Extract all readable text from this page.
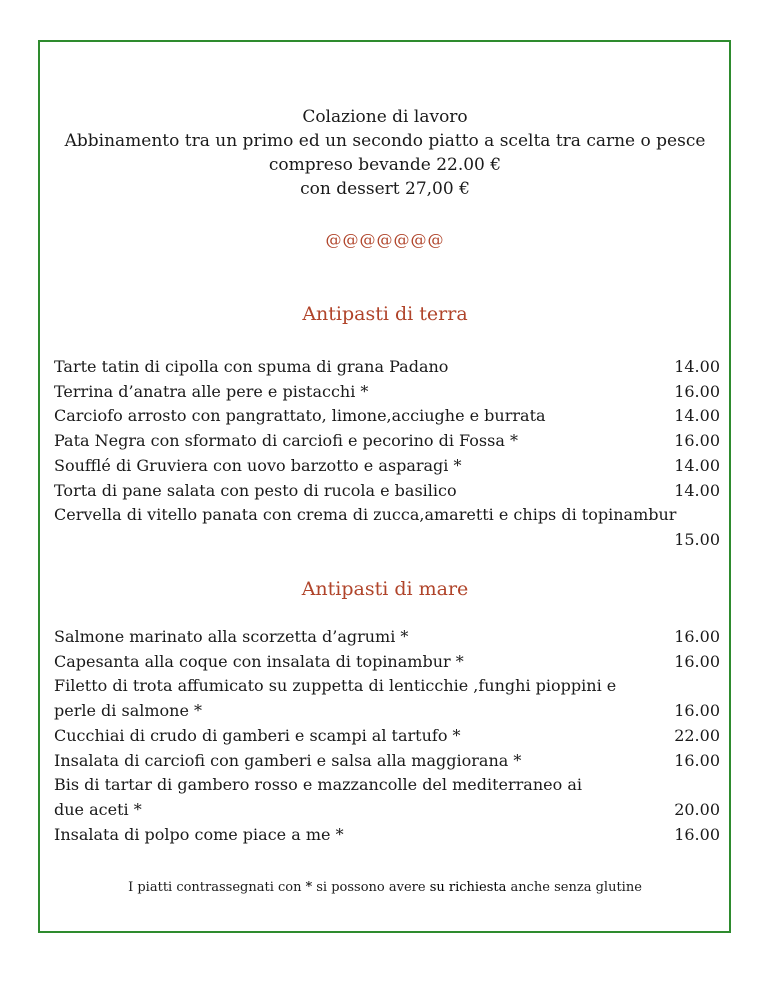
Colazione di lavoro
Abbinamento tra un primo ed un secondo piatto a scelta tra carne o pesce
compreso bevande 22.00 €
con dessert 27,00 €
@@@@@@@
Antipasti di terra
Tarte tatin di cipolla con spuma di grana Padano	14.00
Terrina d’anatra alle pere e pistacchi *	16.00
Carciofo arrosto con pangrattato, limone,acciughe e burrata	14.00
Pata Negra con sformato di carciofi e pecorino di Fossa *	16.00
Soufflé di Gruviera con uovo barzotto e asparagi *	14.00
Torta di pane salata con pesto di rucola e basilico	14.00
Cervella di vitello panata con crema di zucca,amaretti e chips di topinambur
15.00
Antipasti di mare
Salmone marinato alla scorzetta d’agrumi *	16.00
Capesanta alla coque con insalata di topinambur *	16.00
Filetto di trota affumicato su zuppetta di lenticchie ,funghi pioppini e
perle di salmone *	16.00
Cucchiai di crudo di gamberi e scampi al tartufo *	22.00
Insalata di carciofi con gamberi e salsa alla maggiorana *	16.00
Bis di tartar di gambero rosso e mazzancolle del mediterraneo ai
due aceti *	20.00
Insalata di polpo come piace a me *	16.00
I piatti contrassegnati con * si possono avere su richiesta anche senza glutine
